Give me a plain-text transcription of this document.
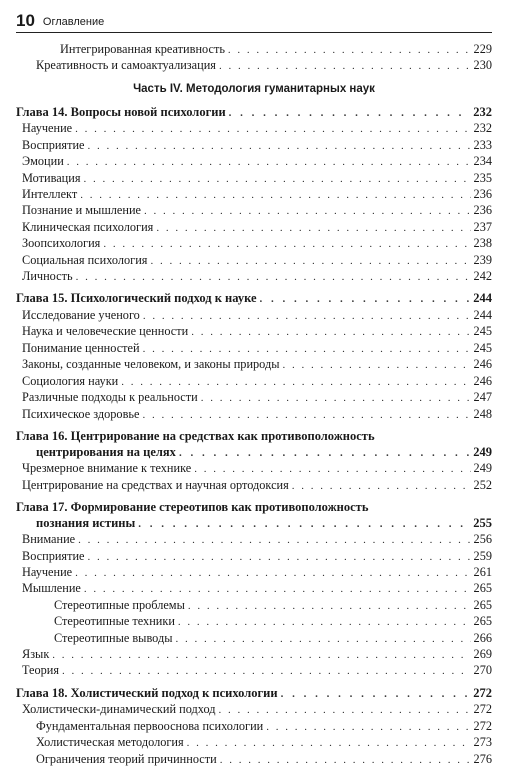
10 Оглавление
Интегрированная креативность . . .	229
Креативность и самоактуализация . . .	230
Часть IV. Методология гуманитарных наук
Глава 14. Вопросы новой психологии . . .	232
Научение . . .	232
Восприятие . . .	233
Эмоции . . .	234
Мотивация . . .	235
Интеллект . . .	236
Познание и мышление . . .	236
Клиническая психология . . .	237
Зоопсихология . . .	238
Социальная психология . . .	239
Личность . . .	242
Глава 15. Психологический подход к науке . . .	244
Исследование ученого . . .	244
Наука и человеческие ценности . . .	245
Понимание ценностей . . .	245
Законы, созданные человеком, и законы природы . . .	246
Социология науки . . .	246
Различные подходы к реальности . . .	247
Психическое здоровье . . .	248
Глава 16. Центрирование на средствах как противоположность
центрирования на целях . . .	249
Чрезмерное внимание к технике . . .	249
Центрирование на средствах и научная ортодоксия . . .	252
Глава 17. Формирование стереотипов как противоположность
познания истины . . .	255
Внимание . . .	256
Восприятие . . .	259
Научение . . .	261
Мышление . . .	265
Стереотипные проблемы . . .	265
Стереотипные техники . . .	265
Стереотипные выводы . . .	266
Язык . . .	269
Теория . . .	270
Глава 18. Холистический подход к психологии . . .	272
Холистически-динамический подход . . .	272
Фундаментальная первооснова психологии . . .	272
Холистическая методология . . .	273
Ограничения теорий причинности . . .	276
